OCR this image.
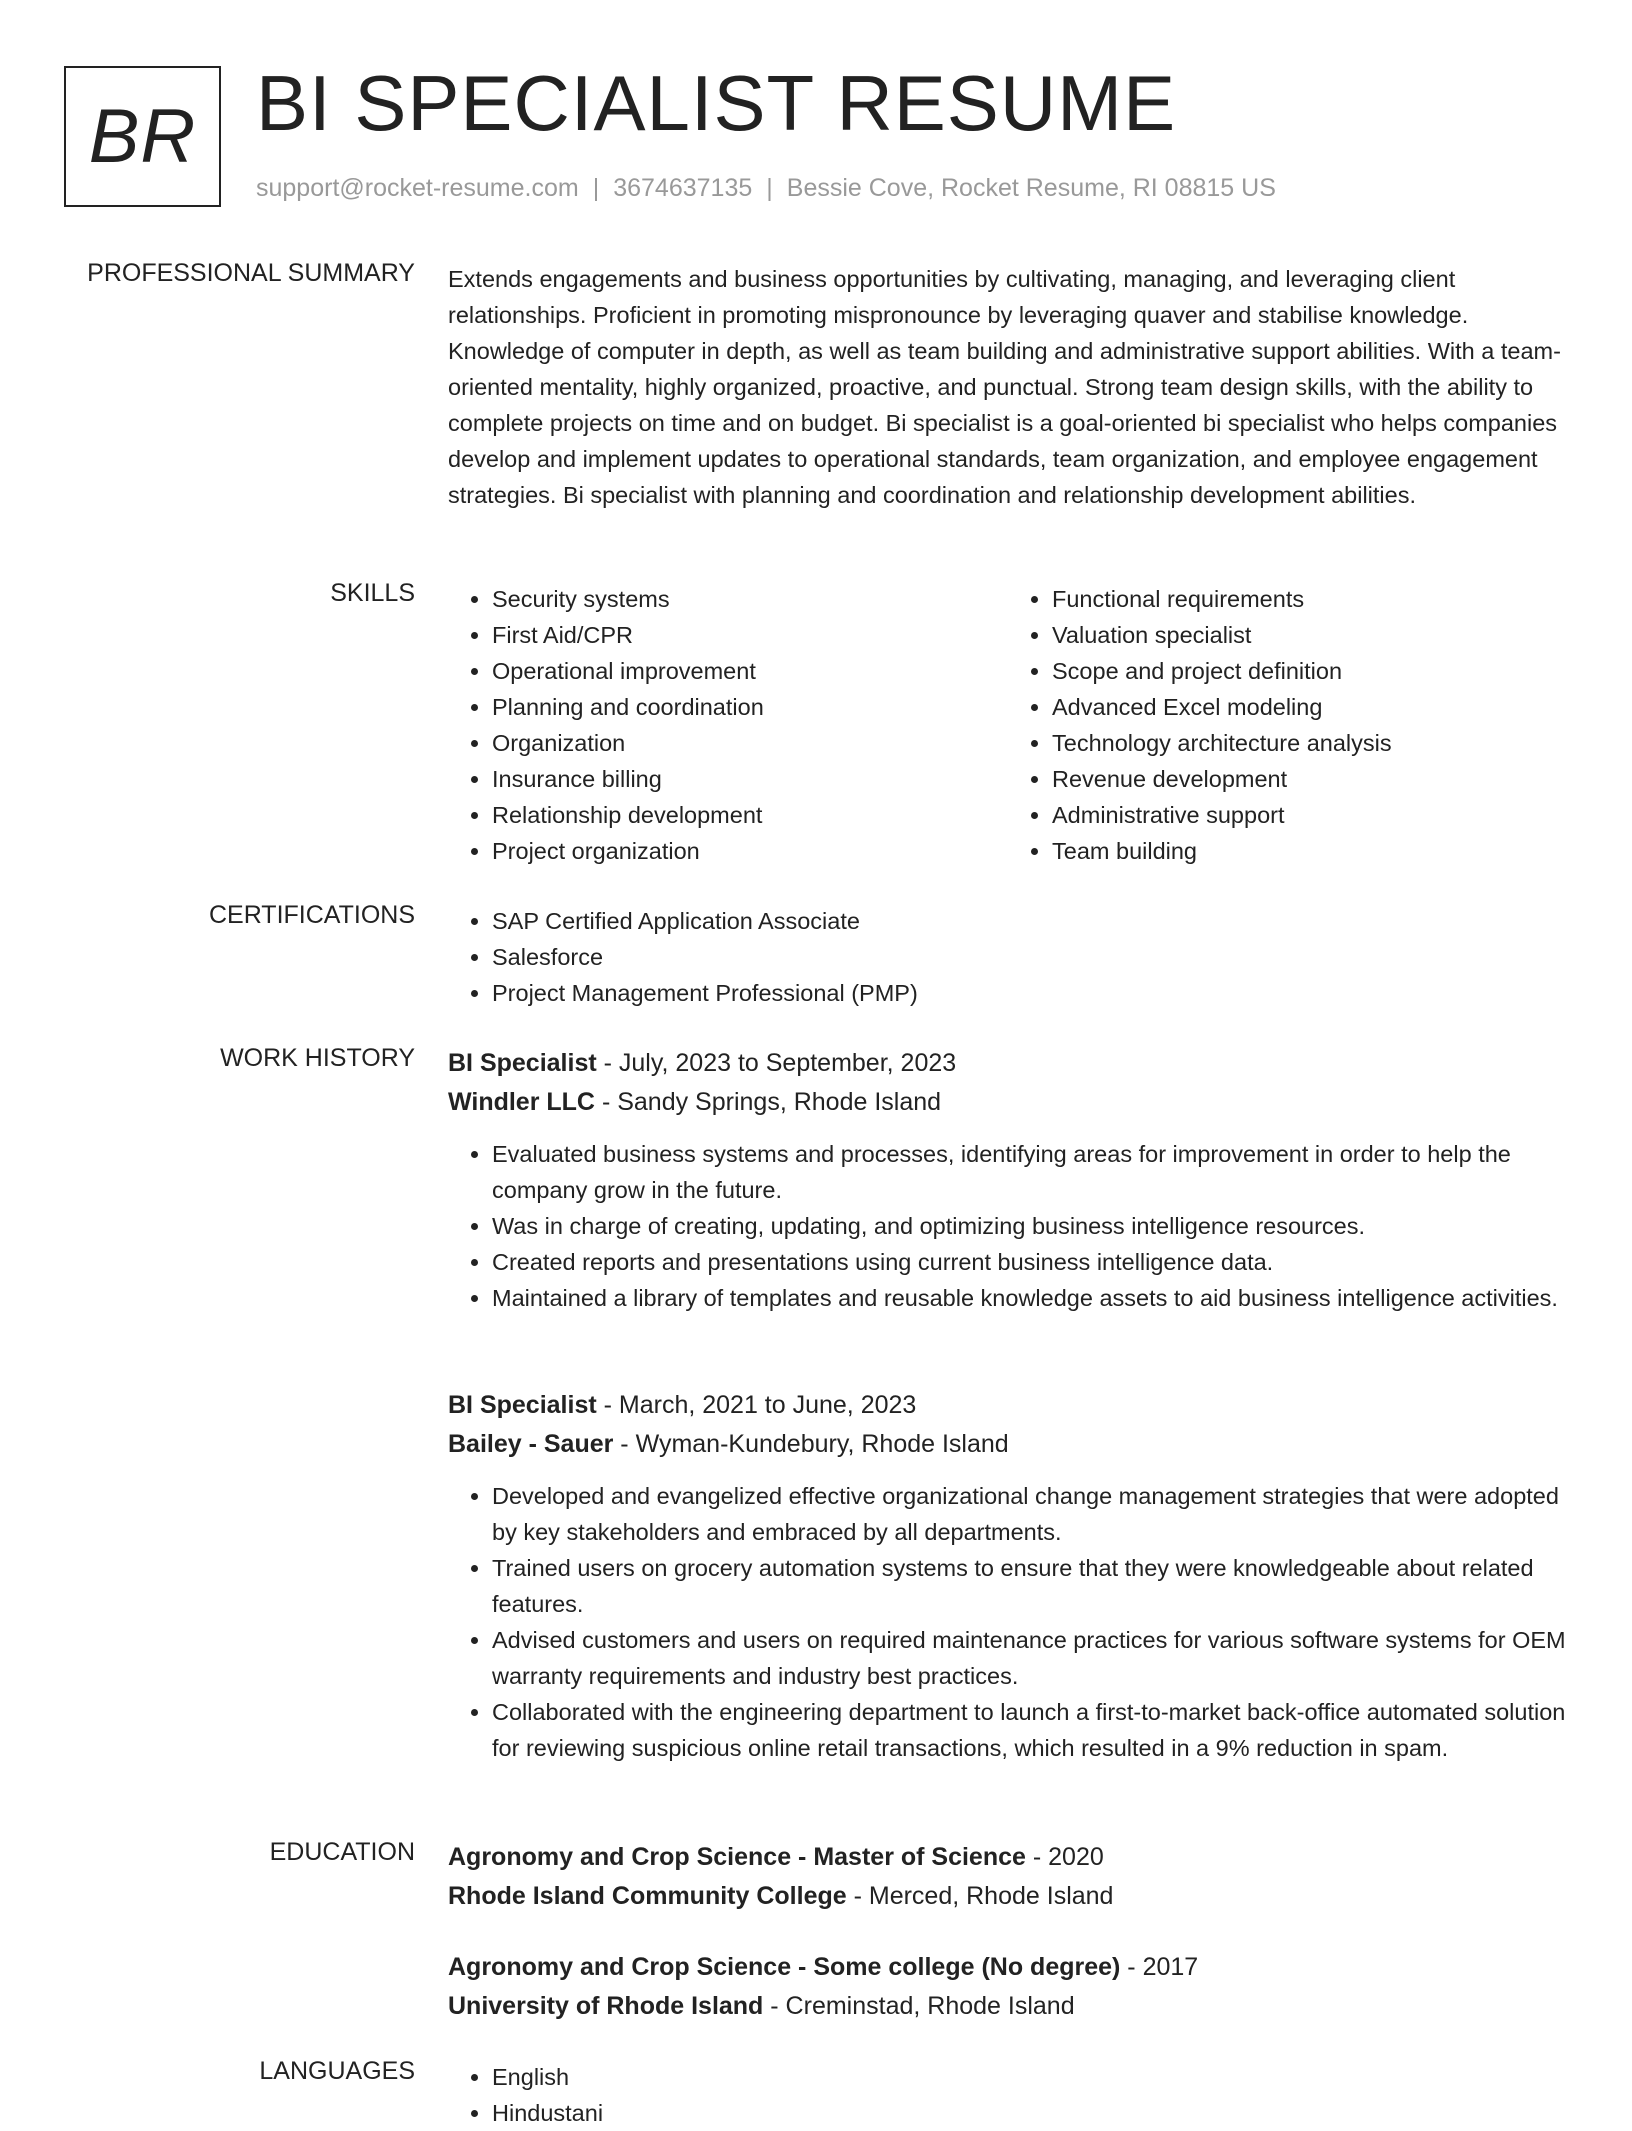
BR BI SPECIALIST RESUME
support@rocket-resume.com | 3674637135 | Bessie Cove, Rocket Resume, RI 08815 US
PROFESSIONAL SUMMARY Extends engagements and business opportunities by cultivating, managing, and leveraging client relationships. Proficient in promoting mispronounce by leveraging quaver and stabilise knowledge. Knowledge of computer in depth, as well as team building and administrative support abilities. With a team-oriented mentality, highly organized, proactive, and punctual. Strong team design skills, with the ability to complete projects on time and on budget. Bi specialist is a goal-oriented bi specialist who helps companies develop and implement updates to operational standards, team organization, and employee engagement strategies. Bi specialist with planning and coordination and relationship development abilities.
SKILLS	• Security systems
• First Aid/CPR
• Operational improvement
• Planning and coordination
• Organization
• Insurance billing
• Relationship development
• Project organization
• Functional requirements
• Valuation specialist
• Scope and project definition
• Advanced Excel modeling
• Technology architecture analysis
• Revenue development
• Administrative support
• Team building
CERTIFICATIONS	• SAP Certified Application Associate
• Salesforce
• Project Management Professional (PMP)
WORK HISTORY BI Specialist - July, 2023 to September, 2023
Windler LLC - Sandy Springs, Rhode Island
• Evaluated business systems and processes, identifying areas for improvement in order to help the company grow in the future.
• Was in charge of creating, updating, and optimizing business intelligence resources.
• Created reports and presentations using current business intelligence data.
• Maintained a library of templates and reusable knowledge assets to aid business intelligence activities.
BI Specialist - March, 2021 to June, 2023
Bailey - Sauer - Wyman-Kundebury, Rhode Island
• Developed and evangelized effective organizational change management strategies that were adopted by key stakeholders and embraced by all departments.
• Trained users on grocery automation systems to ensure that they were knowledgeable about related features.
• Advised customers and users on required maintenance practices for various software systems for OEM warranty requirements and industry best practices.
• Collaborated with the engineering department to launch a first-to-market back-office automated solution for reviewing suspicious online retail transactions, which resulted in a 9% reduction in spam.
EDUCATION Agronomy and Crop Science - Master of Science - 2020
Rhode Island Community College - Merced, Rhode Island
Agronomy and Crop Science - Some college (No degree) - 2017
University of Rhode Island - Creminstad, Rhode Island
LANGUAGES	• English
• Hindustani
